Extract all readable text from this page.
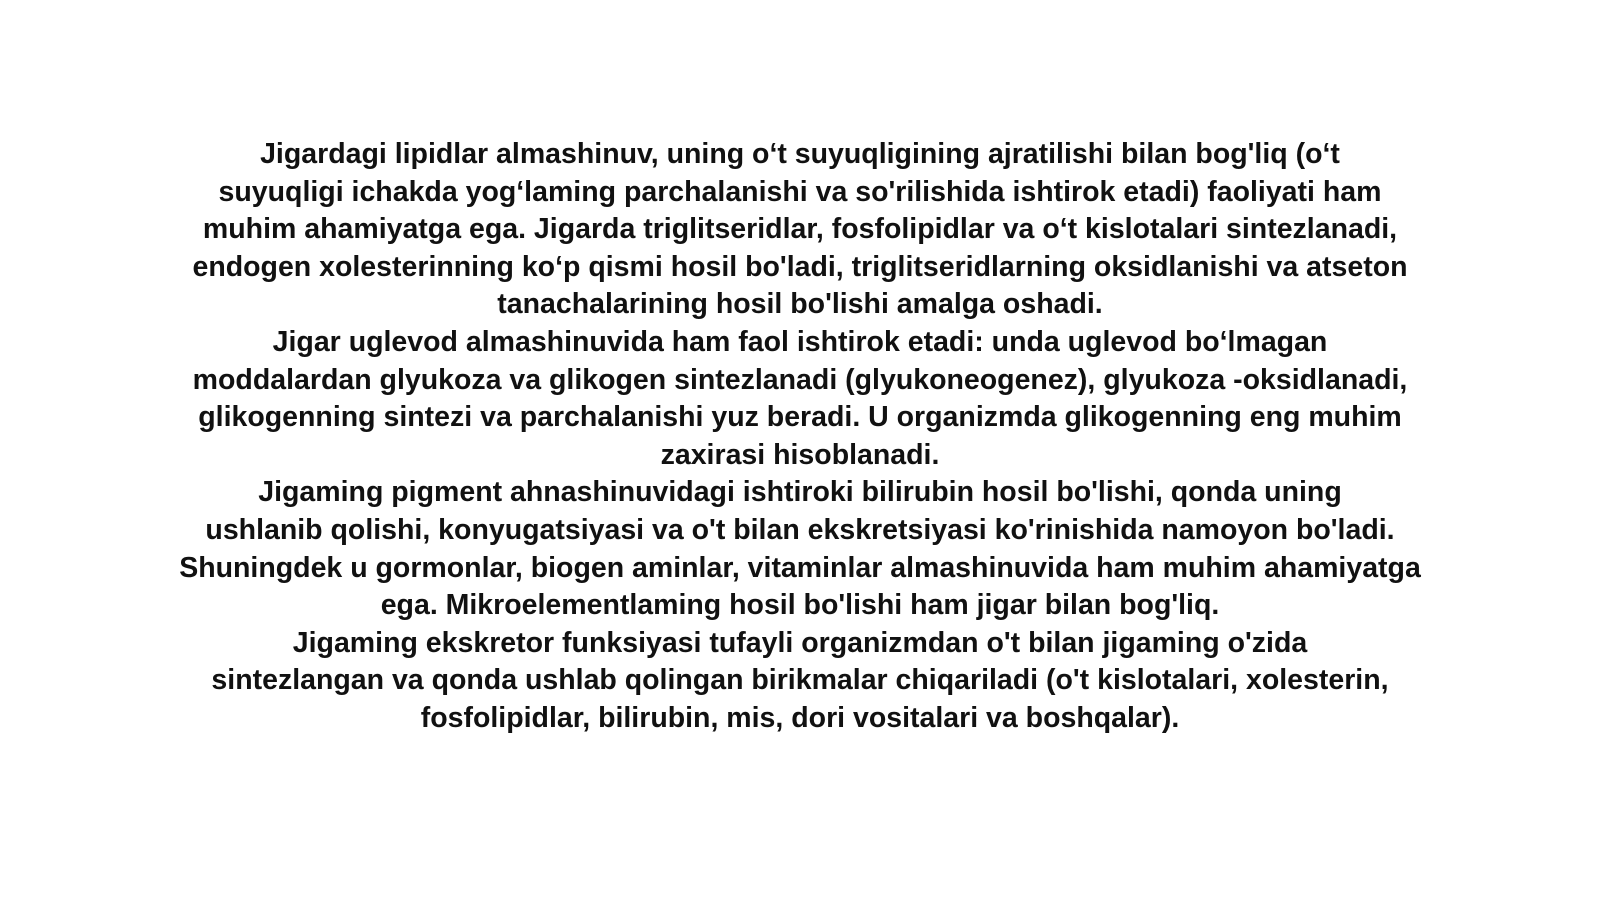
Jigardagi lipidlar almashinuv, uning o‘t suyuqligining ajratilishi bilan bog'liq (o‘t
suyuqligi ichakda yog‘laming parchalanishi va so'rilishida ishtirok etadi) faoliyati ham
muhim ahamiyatga ega. Jigarda triglitseridlar, fosfolipidlar va o‘t kislotalari sintezlanadi,
endogen xolesterinning ko‘p qismi hosil bo'ladi, triglitseridlarning oksidlanishi va atseton
tanachalarining hosil bo'lishi amalga oshadi.

Jigar uglevod almashinuvida ham faol ishtirok etadi: unda uglevod bo‘lmagan
moddalardan glyukoza va glikogen sintezlanadi (glyukoneogenez), glyukoza -oksidlanadi,
glikogenning sintezi va parchalanishi yuz beradi. U organizmda glikogenning eng muhim
zaxirasi hisoblanadi.

Jigaming pigment ahnashinuvidagi ishtiroki bilirubin hosil bo'lishi, qonda uning
ushlanib qolishi, konyugatsiyasi va o't bilan ekskretsiyasi ko'rinishida namoyon bo'ladi.
Shuningdek u gormonlar, biogen aminlar, vitaminlar almashinuvida ham muhim ahamiyatga
ega. Mikroelementlaming hosil bo'lishi ham jigar bilan bog'liq.

Jigaming ekskretor funksiyasi tufayli organizmdan o't bilan jigaming o'zida
sintezlangan va qonda ushlab qolingan birikmalar chiqariladi (o't kislotalari, xolesterin,
fosfolipidlar, bilirubin, mis, dori vositalari va boshqalar).
